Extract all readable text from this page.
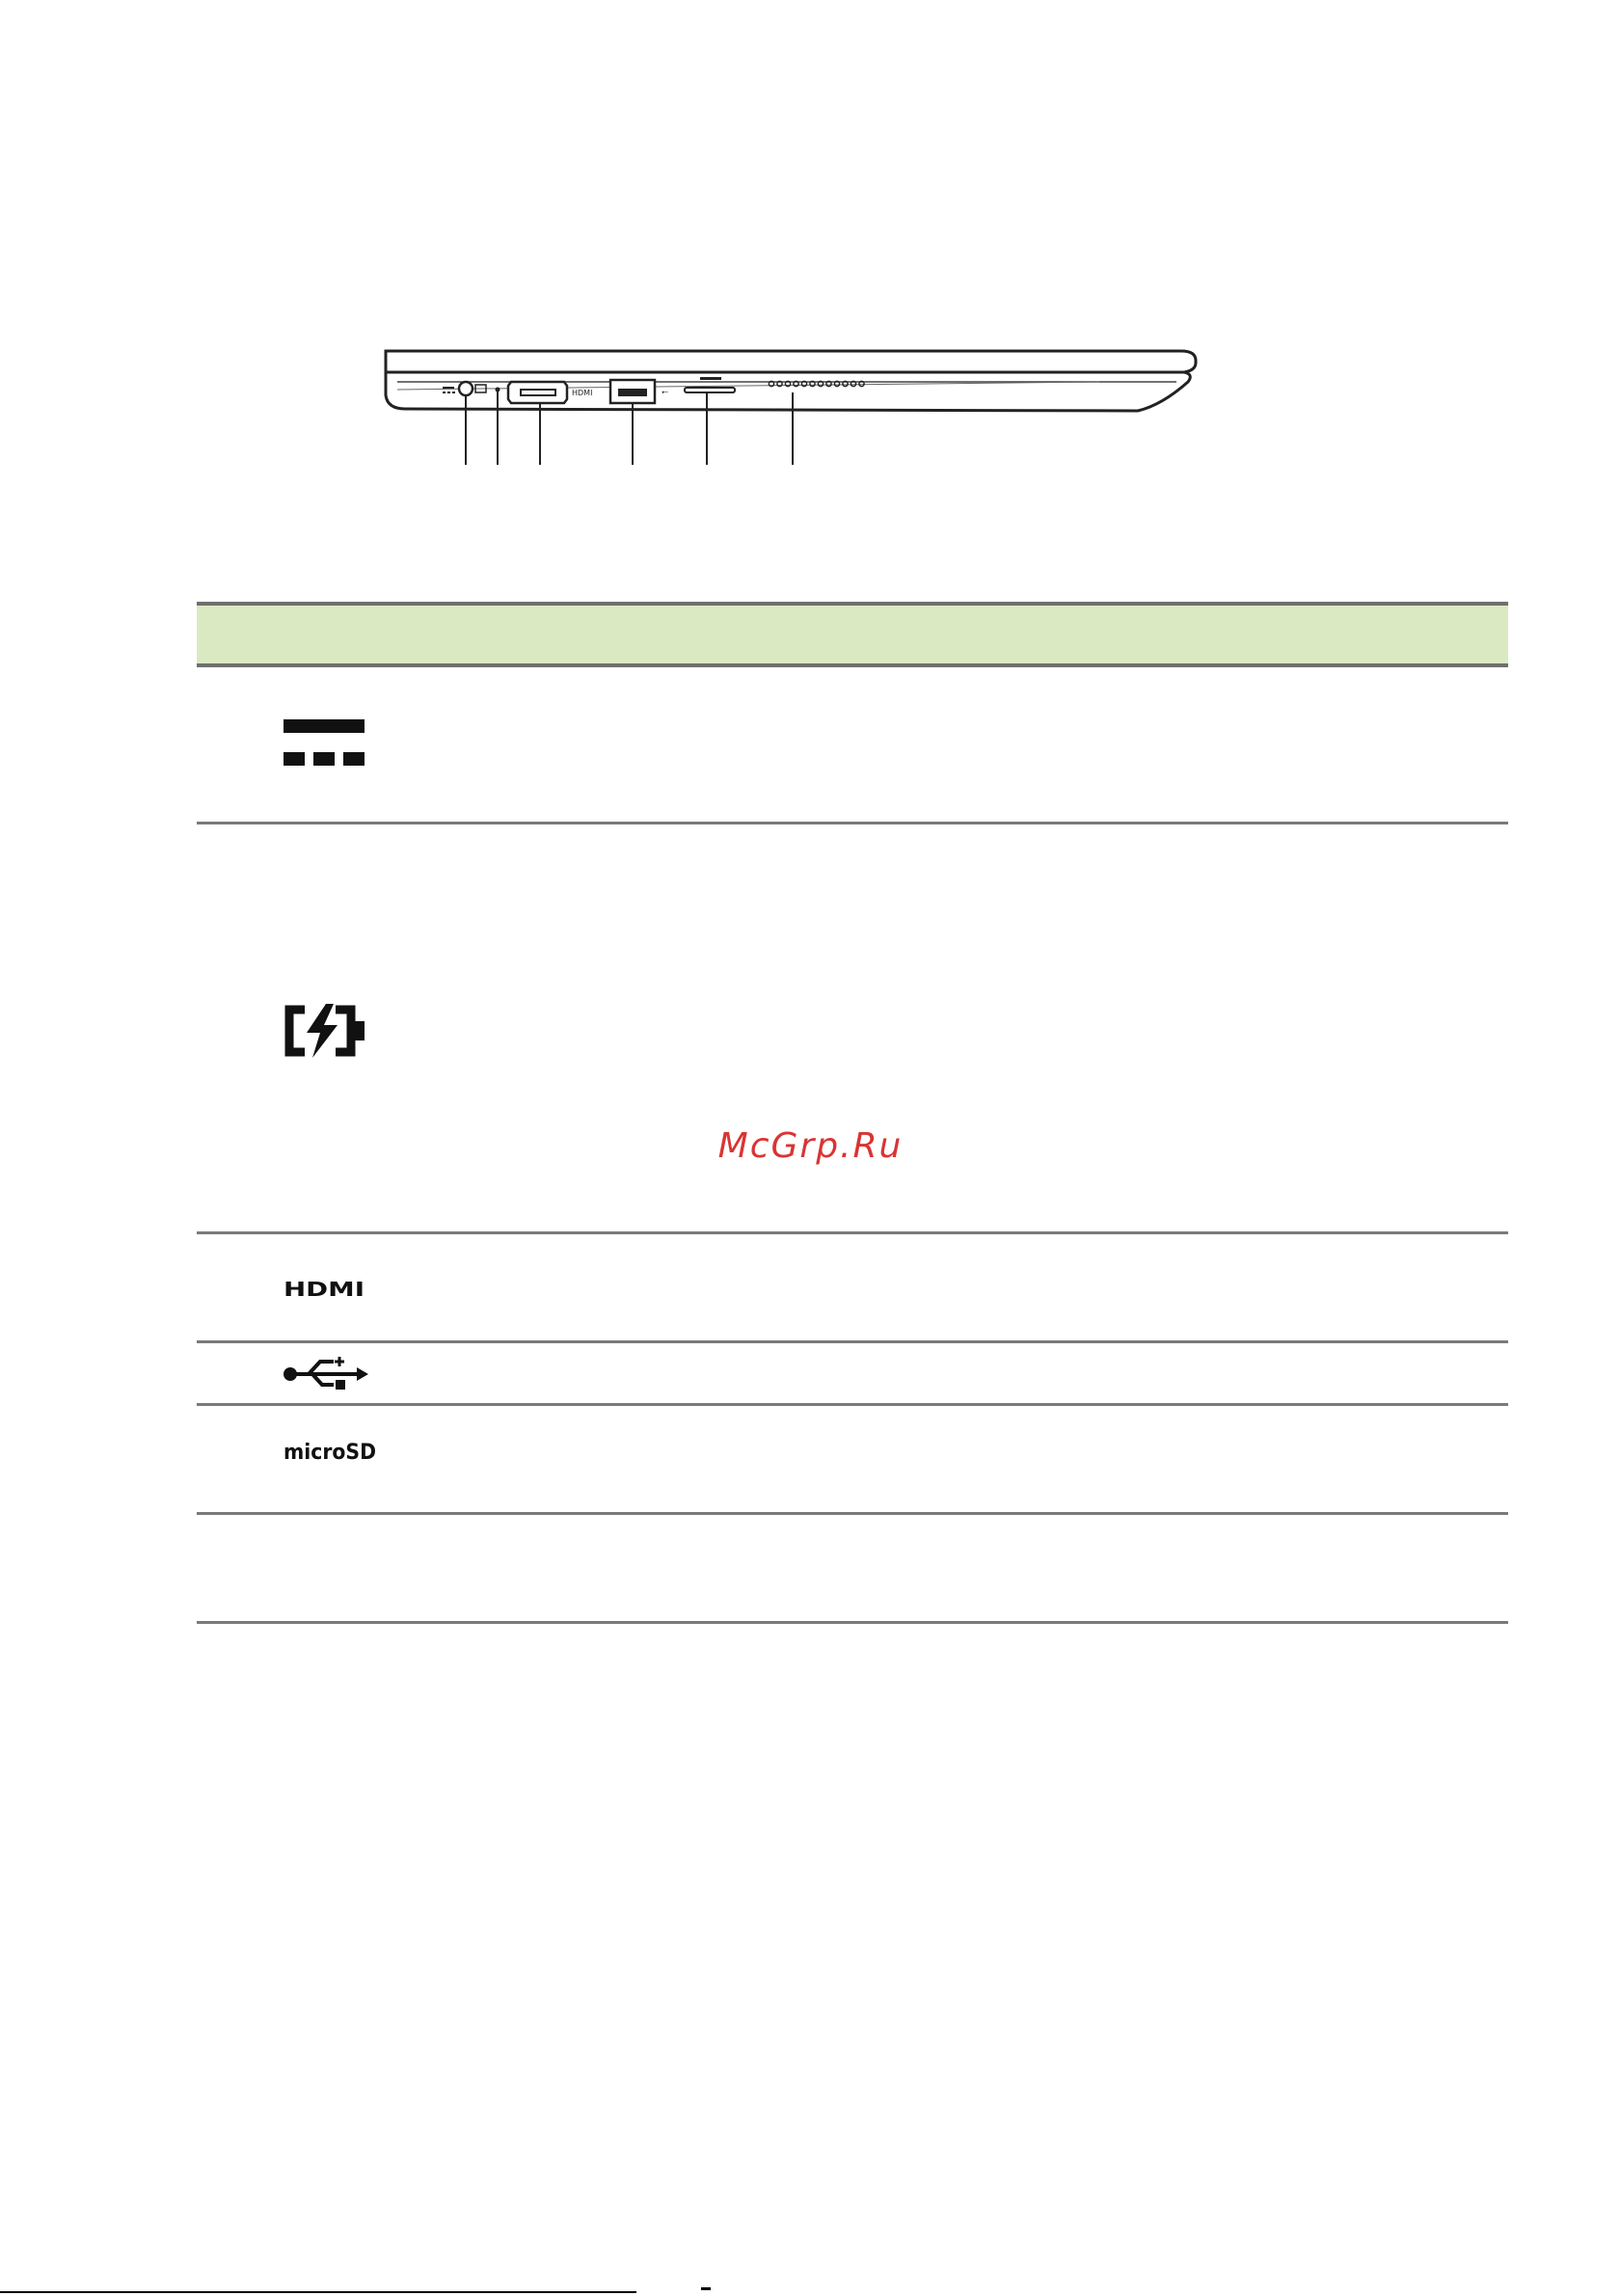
HDMI	⭠
HDMI
microSD
McGrp.Ru
